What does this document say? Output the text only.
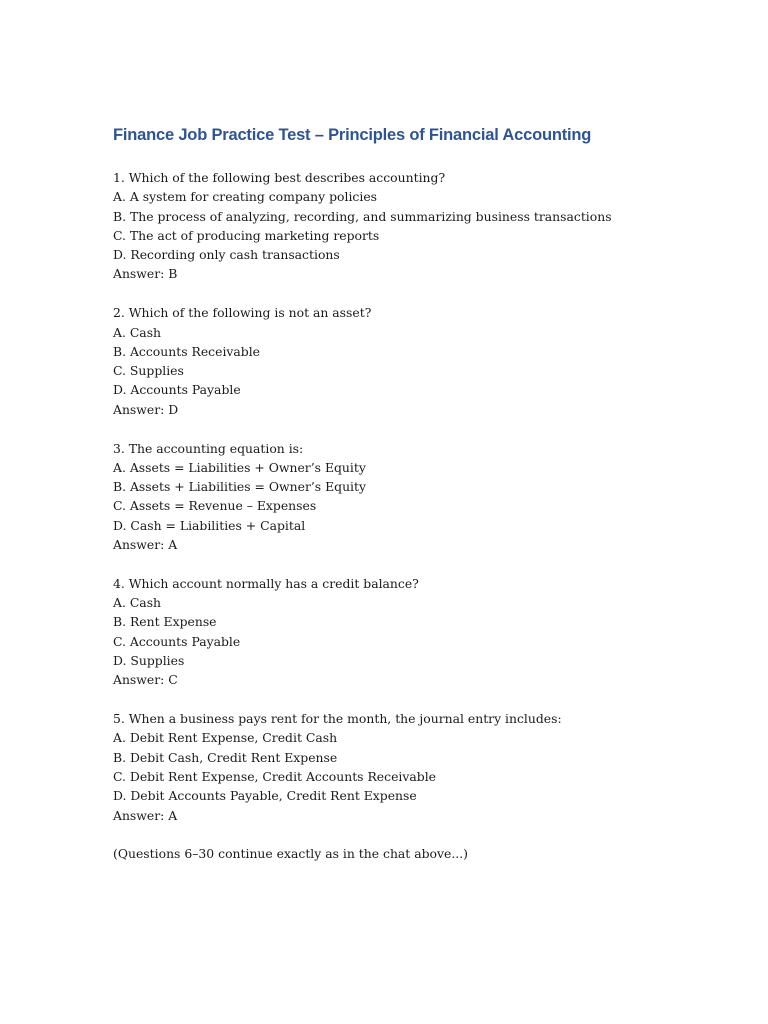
Finance Job Practice Test – Principles of Financial Accounting
1. Which of the following best describes accounting?
A. A system for creating company policies
B. The process of analyzing, recording, and summarizing business transactions
C. The act of producing marketing reports
D. Recording only cash transactions
Answer: B
2. Which of the following is not an asset?
A. Cash
B. Accounts Receivable
C. Supplies
D. Accounts Payable
Answer: D
3. The accounting equation is:
A. Assets = Liabilities + Owner’s Equity
B. Assets + Liabilities = Owner’s Equity
C. Assets = Revenue – Expenses
D. Cash = Liabilities + Capital
Answer: A
4. Which account normally has a credit balance?
A. Cash
B. Rent Expense
C. Accounts Payable
D. Supplies
Answer: C
5. When a business pays rent for the month, the journal entry includes:
A. Debit Rent Expense, Credit Cash
B. Debit Cash, Credit Rent Expense
C. Debit Rent Expense, Credit Accounts Receivable
D. Debit Accounts Payable, Credit Rent Expense
Answer: A
(Questions 6–30 continue exactly as in the chat above...)
